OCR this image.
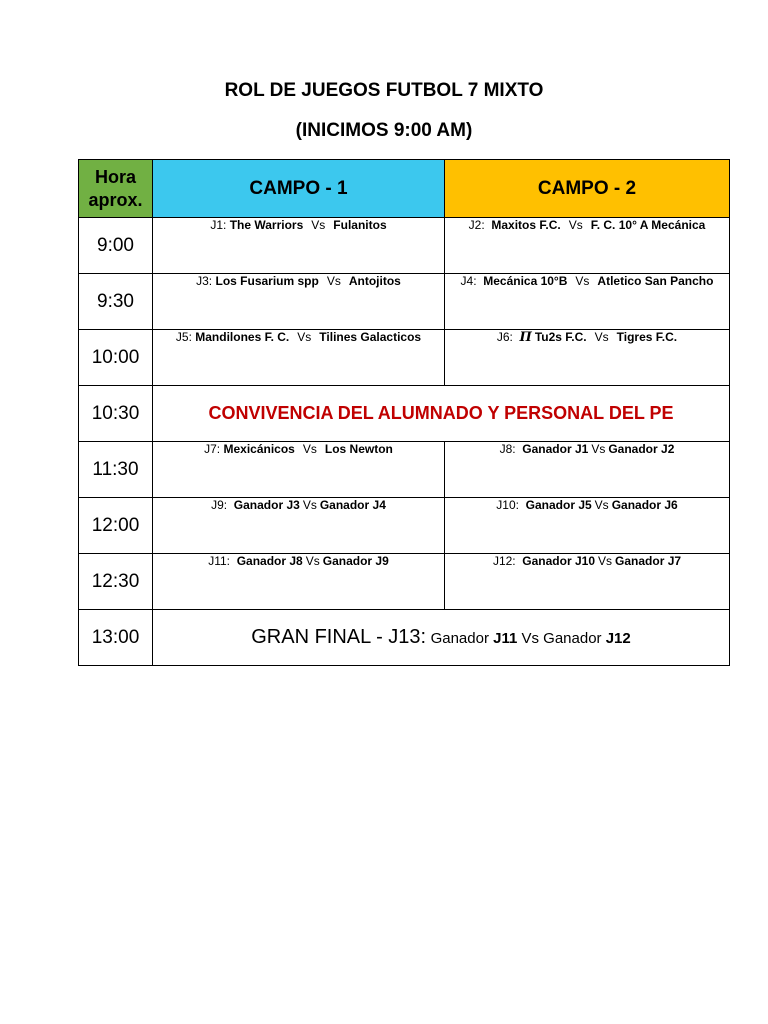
ROL DE JUEGOS FUTBOL 7 MIXTO
(INICIMOS 9:00 AM)
Hora
aprox.	CAMPO - 1	CAMPO - 2
9:00	J1: The Warriors Vs Fulanitos	J2: Maxitos F.C. Vs F. C. 10° A Mecánica
9:30	J3: Los Fusarium spp Vs Antojitos	J4: Mecánica 10°B Vs Atletico San Pancho
10:00	J5: Mandilones F. C. Vs Tilines Galacticos	J6: Π Tu2s F.C. Vs Tigres F.C.
10:30	CONVIVENCIA DEL ALUMNADO Y PERSONAL DEL PE	
11:30	J7: Mexicánicos Vs Los Newton	J8: Ganador J1 Vs Ganador J2
12:00	J9: Ganador J3 Vs Ganador J4	J10: Ganador J5 Vs Ganador J6
12:30	J11: Ganador J8 Vs Ganador J9	J12: Ganador J10 Vs Ganador J7
13:00	GRAN FINAL - J13: Ganador J11 Vs Ganador J12	
